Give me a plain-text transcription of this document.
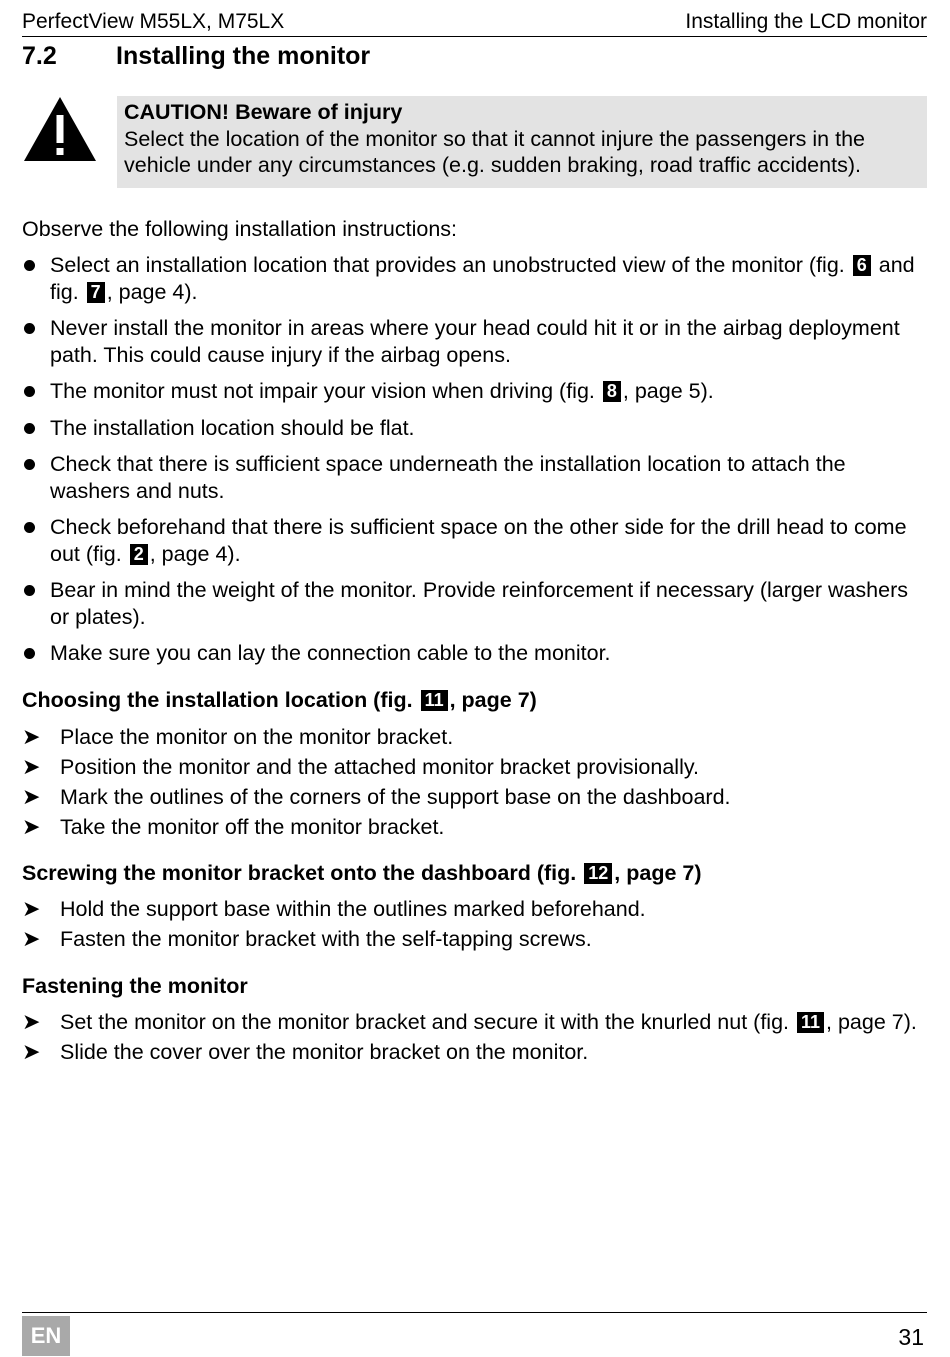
PerfectView M55LX, M75LX	Installing the LCD monitor
7.2 Installing the monitor
CAUTION! Beware of injury
Select the location of the monitor so that it cannot injure the passengers in the vehicle under any circumstances (e.g. sudden braking, road traffic accidents).
Observe the following installation instructions:
Select an installation location that provides an unobstructed view of the monitor (fig. 6 and fig. 7 , page 4).
Never install the monitor in areas where your head could hit it or in the airbag deployment path. This could cause injury if the airbag opens.
The monitor must not impair your vision when driving (fig. 8 , page 5).
The installation location should be flat.
Check that there is sufficient space underneath the installation location to attach the washers and nuts.
Check beforehand that there is sufficient space on the other side for the drill head to come out (fig. 2 , page 4).
Bear in mind the weight of the monitor. Provide reinforcement if necessary (larger washers or plates).
Make sure you can lay the connection cable to the monitor.
Choosing the installation location (fig. 11 , page 7)
➤ Place the monitor on the monitor bracket.
➤ Position the monitor and the attached monitor bracket provisionally.
➤ Mark the outlines of the corners of the support base on the dashboard.
➤ Take the monitor off the monitor bracket.
Screwing the monitor bracket onto the dashboard (fig. 12 , page 7)
➤ Hold the support base within the outlines marked beforehand.
➤ Fasten the monitor bracket with the self-tapping screws.
Fastening the monitor
➤ Set the monitor on the monitor bracket and secure it with the knurled nut (fig. 11 , page 7).
➤ Slide the cover over the monitor bracket on the monitor.
EN	31
